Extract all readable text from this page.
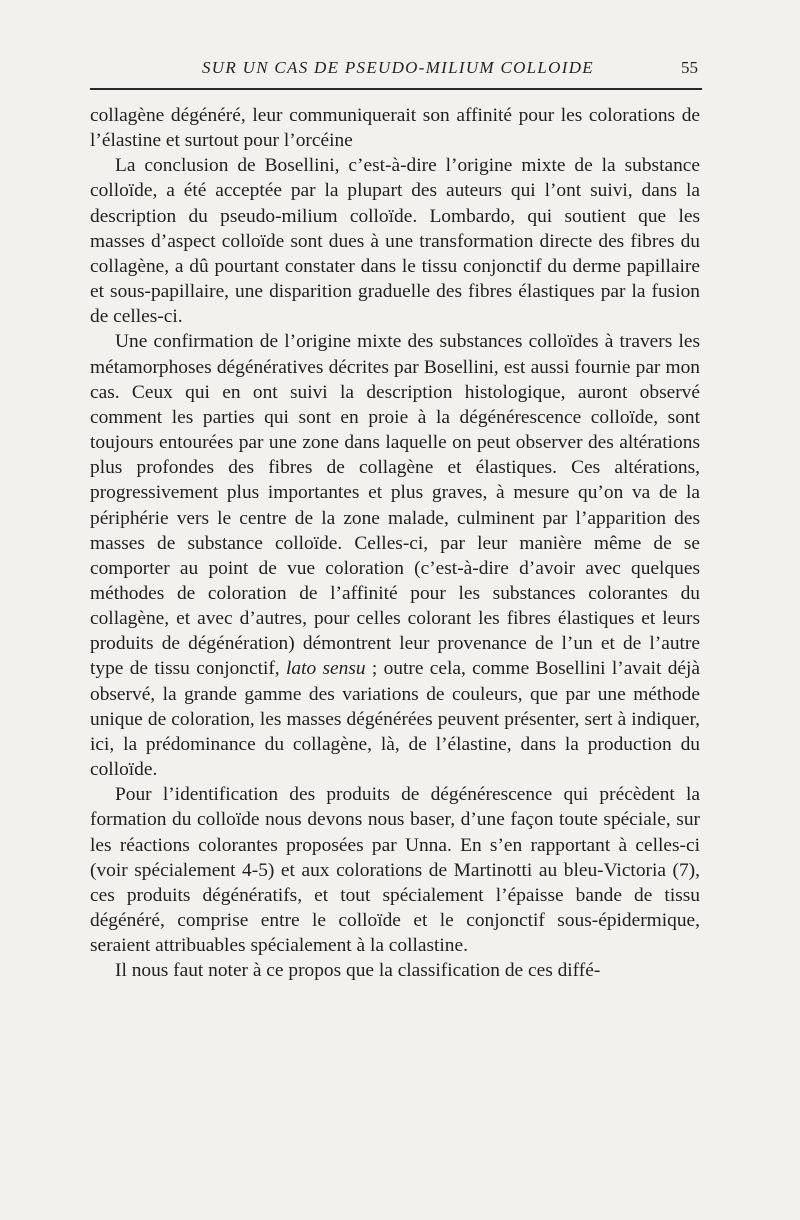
SUR UN CAS DE PSEUDO-MILIUM COLLOIDE	55

collagène dégénéré, leur communiquerait son affinité pour les colorations de l’élastine et surtout pour l’orcéine

La conclusion de Bosellini, c’est-à-dire l’origine mixte de la substance colloïde, a été acceptée par la plupart des auteurs qui l’ont suivi, dans la description du pseudo-milium colloïde. Lombardo, qui soutient que les masses d’aspect colloïde sont dues à une transformation directe des fibres du collagène, a dû pourtant constater dans le tissu conjonctif du derme papillaire et sous-papillaire, une disparition graduelle des fibres élastiques par la fusion de celles-ci.

Une confirmation de l’origine mixte des substances colloïdes à travers les métamorphoses dégénératives décrites par Bosellini, est aussi fournie par mon cas. Ceux qui en ont suivi la description histologique, auront observé comment les parties qui sont en proie à la dégénérescence colloïde, sont toujours entourées par une zone dans laquelle on peut observer des altérations plus profondes des fibres de collagène et élastiques. Ces altérations, progressivement plus importantes et plus graves, à mesure qu’on va de la périphérie vers le centre de la zone malade, culminent par l’apparition des masses de substance colloïde. Celles-ci, par leur manière même de se comporter au point de vue coloration (c’est-à-dire d’avoir avec quelques méthodes de coloration de l’affinité pour les substances colorantes du collagène, et avec d’autres, pour celles colorant les fibres élastiques et leurs produits de dégénération) démontrent leur provenance de l’un et de l’autre type de tissu conjonctif, lato sensu ; outre cela, comme Bosellini l’avait déjà observé, la grande gamme des variations de couleurs, que par une méthode unique de coloration, les masses dégénérées peuvent présenter, sert à indiquer, ici, la prédominance du collagène, là, de l’élastine, dans la production du colloïde.

Pour l’identification des produits de dégénérescence qui précèdent la formation du colloïde nous devons nous baser, d’une façon toute spéciale, sur les réactions colorantes proposées par Unna. En s’en rapportant à celles-ci (voir spécialement 4-5) et aux colorations de Martinotti au bleu-Victoria (7), ces produits dégénératifs, et tout spécialement l’épaisse bande de tissu dégénéré, comprise entre le colloïde et le conjonctif sous-épidermique, seraient attribuables spécialement à la collastine.

Il nous faut noter à ce propos que la classification de ces diffé-
